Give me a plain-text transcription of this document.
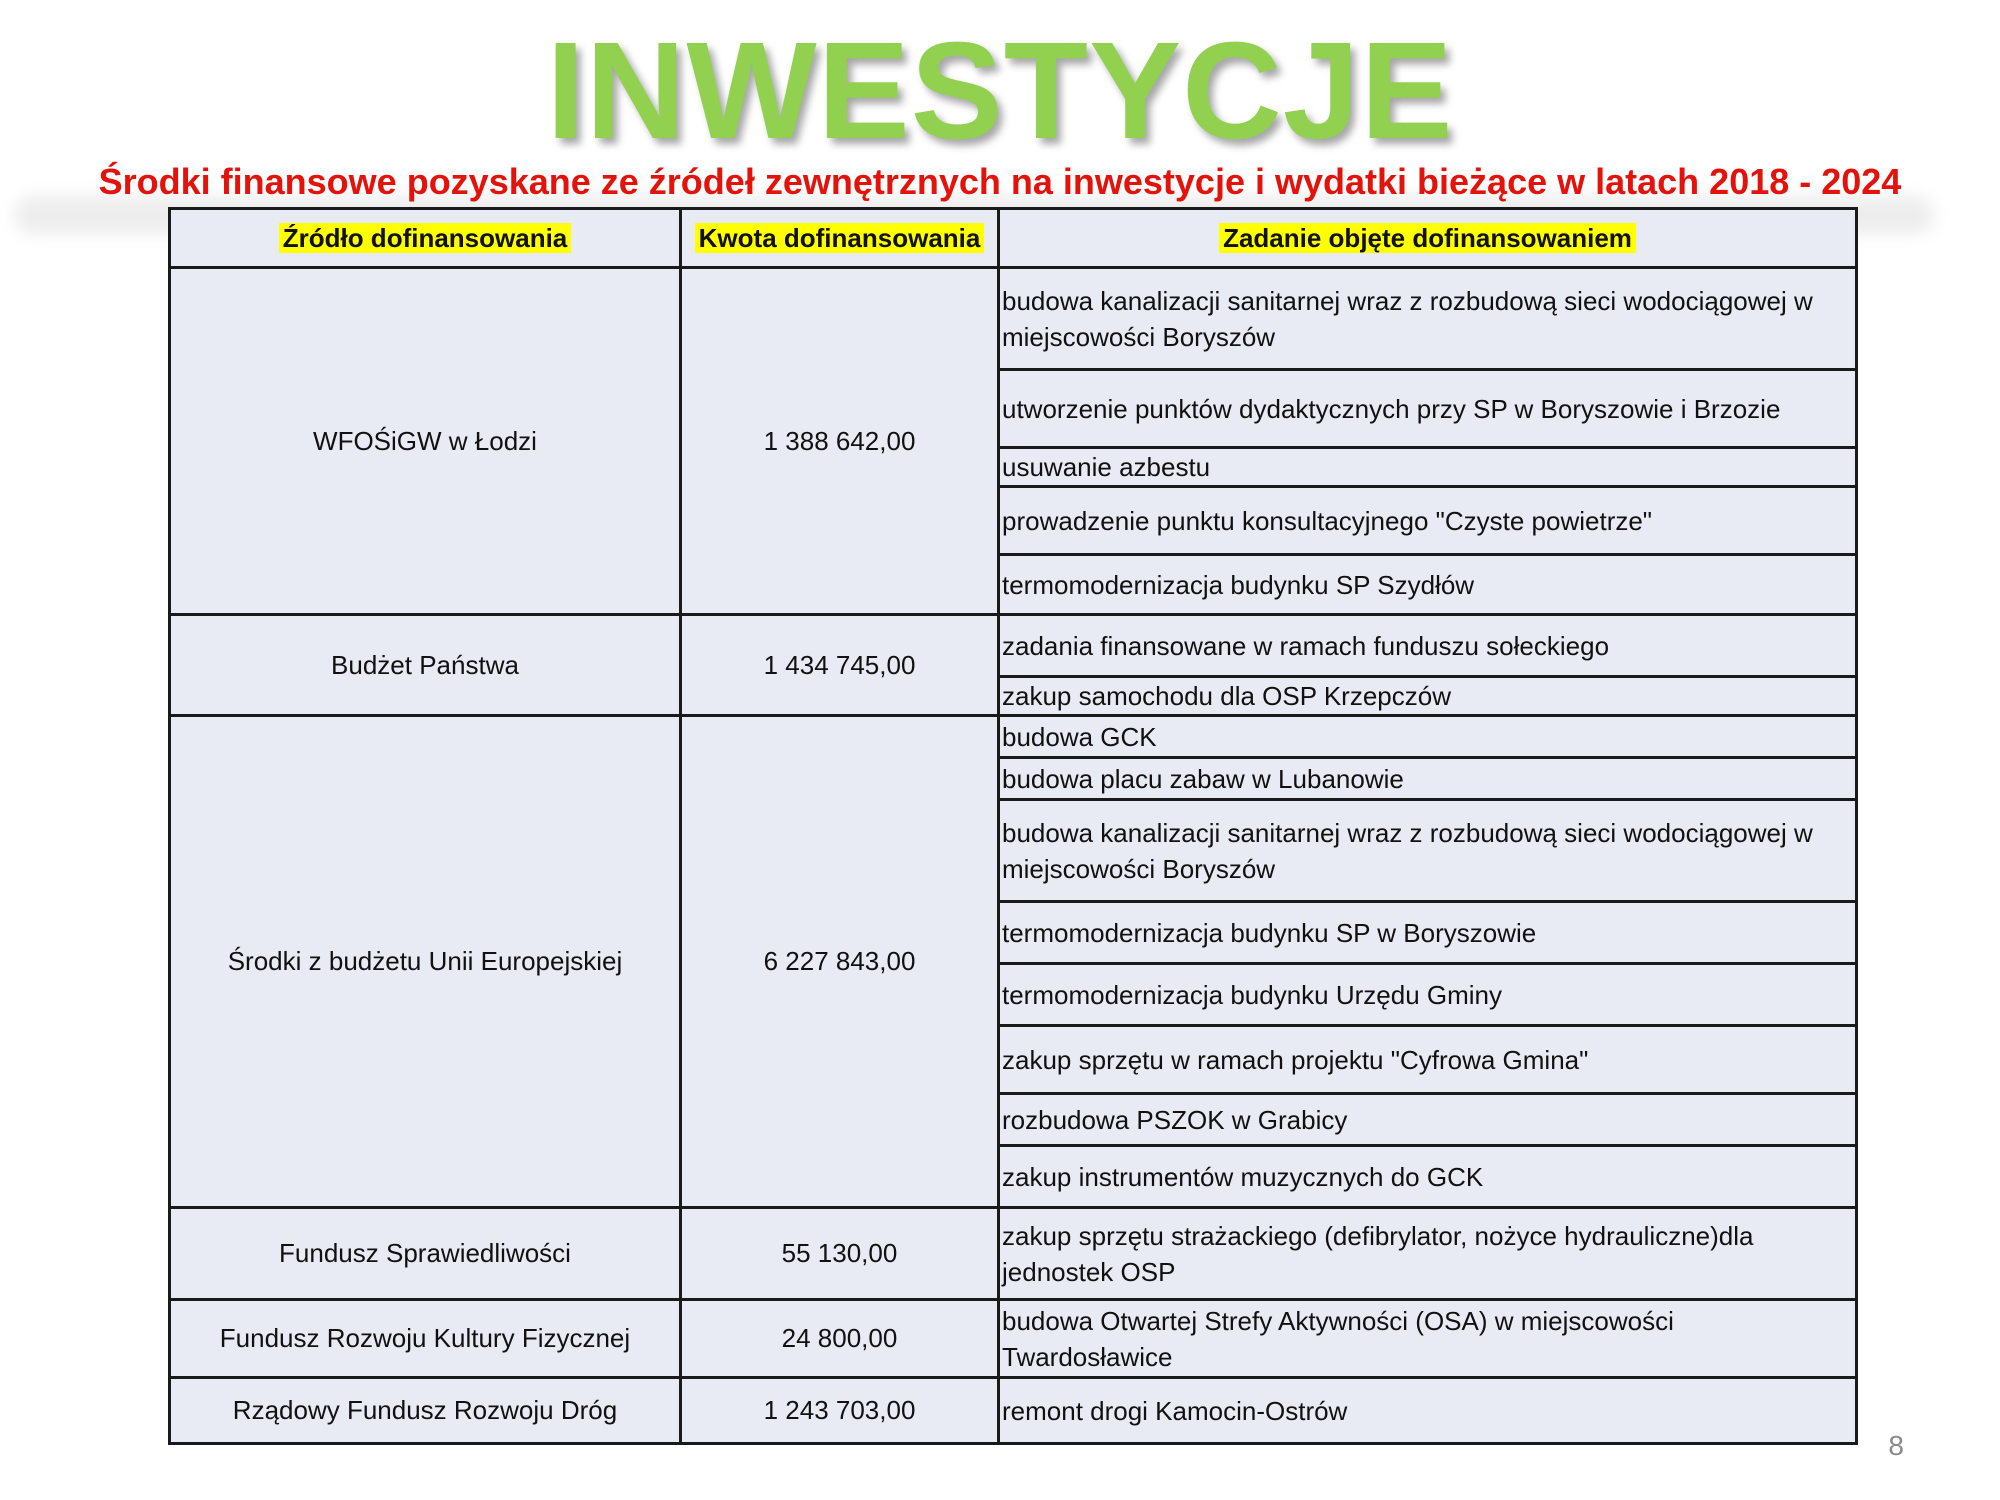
INWESTYCJE
Środki finansowe pozyskane ze źródeł zewnętrznych na inwestycje i wydatki bieżące w latach 2018 - 2024
Źródło dofinansowania	Kwota dofinansowania	Zadanie objęte dofinansowaniem
WFOŚiGW w Łodzi	1 388 642,00	budowa kanalizacji sanitarnej wraz z rozbudową sieci wodociągowej w miejscowości Boryszów
		utworzenie punktów dydaktycznych przy SP w Boryszowie i Brzozie
		usuwanie azbestu
		prowadzenie punktu konsultacyjnego "Czyste powietrze"
		termomodernizacja budynku SP Szydłów
Budżet Państwa	1 434 745,00	zadania finansowane w ramach funduszu sołeckiego
		zakup samochodu dla OSP Krzepczów
Środki z budżetu Unii Europejskiej	6 227 843,00	budowa GCK
		budowa placu zabaw w Lubanowie
		budowa kanalizacji sanitarnej wraz z rozbudową sieci wodociągowej w miejscowości Boryszów
		termomodernizacja budynku SP w Boryszowie
		termomodernizacja budynku Urzędu Gminy
		zakup sprzętu w ramach projektu "Cyfrowa Gmina"
		rozbudowa PSZOK w Grabicy
		zakup instrumentów muzycznych do GCK
Fundusz Sprawiedliwości	55 130,00	zakup sprzętu strażackiego (defibrylator, nożyce hydrauliczne)dla jednostek OSP
Fundusz Rozwoju Kultury Fizycznej	24 800,00	budowa Otwartej Strefy Aktywności (OSA) w miejscowości Twardosławice
Rządowy Fundusz Rozwoju Dróg	1 243 703,00	remont drogi Kamocin-Ostrów
8
